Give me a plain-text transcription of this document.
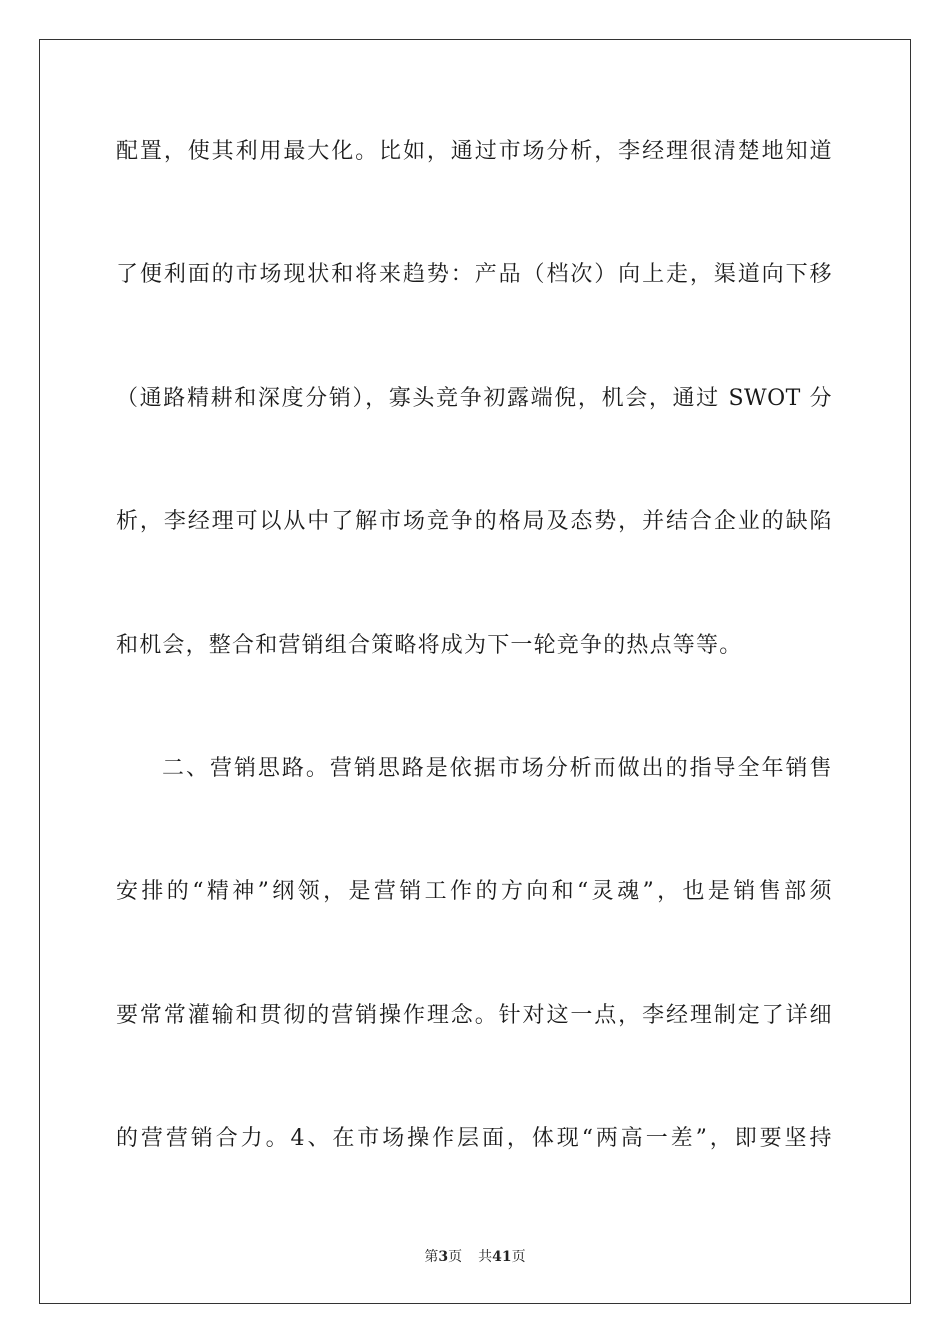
配置，使其利用最大化。比如，通过市场分析，李经理很清楚地知道
了便利面的市场现状和将来趋势：产品（档次）向上走，渠道向下移
（通路精耕和深度分销），寡头竞争初露端倪，机会，通过 SWOT 分
析，李经理可以从中了解市场竞争的格局及态势，并结合企业的缺陷
和机会，整合和营销组合策略将成为下一轮竞争的热点等等。
二、营销思路。营销思路是依据市场分析而做出的指导全年销售
安排的“精神”纲领，是营销工作的方向和“灵魂”，也是销售部须
要常常灌输和贯彻的营销操作理念。针对这一点，李经理制定了详细
的营营销合力。4、在市场操作层面，体现“两高一差”，即要坚持
第3页 共41页
